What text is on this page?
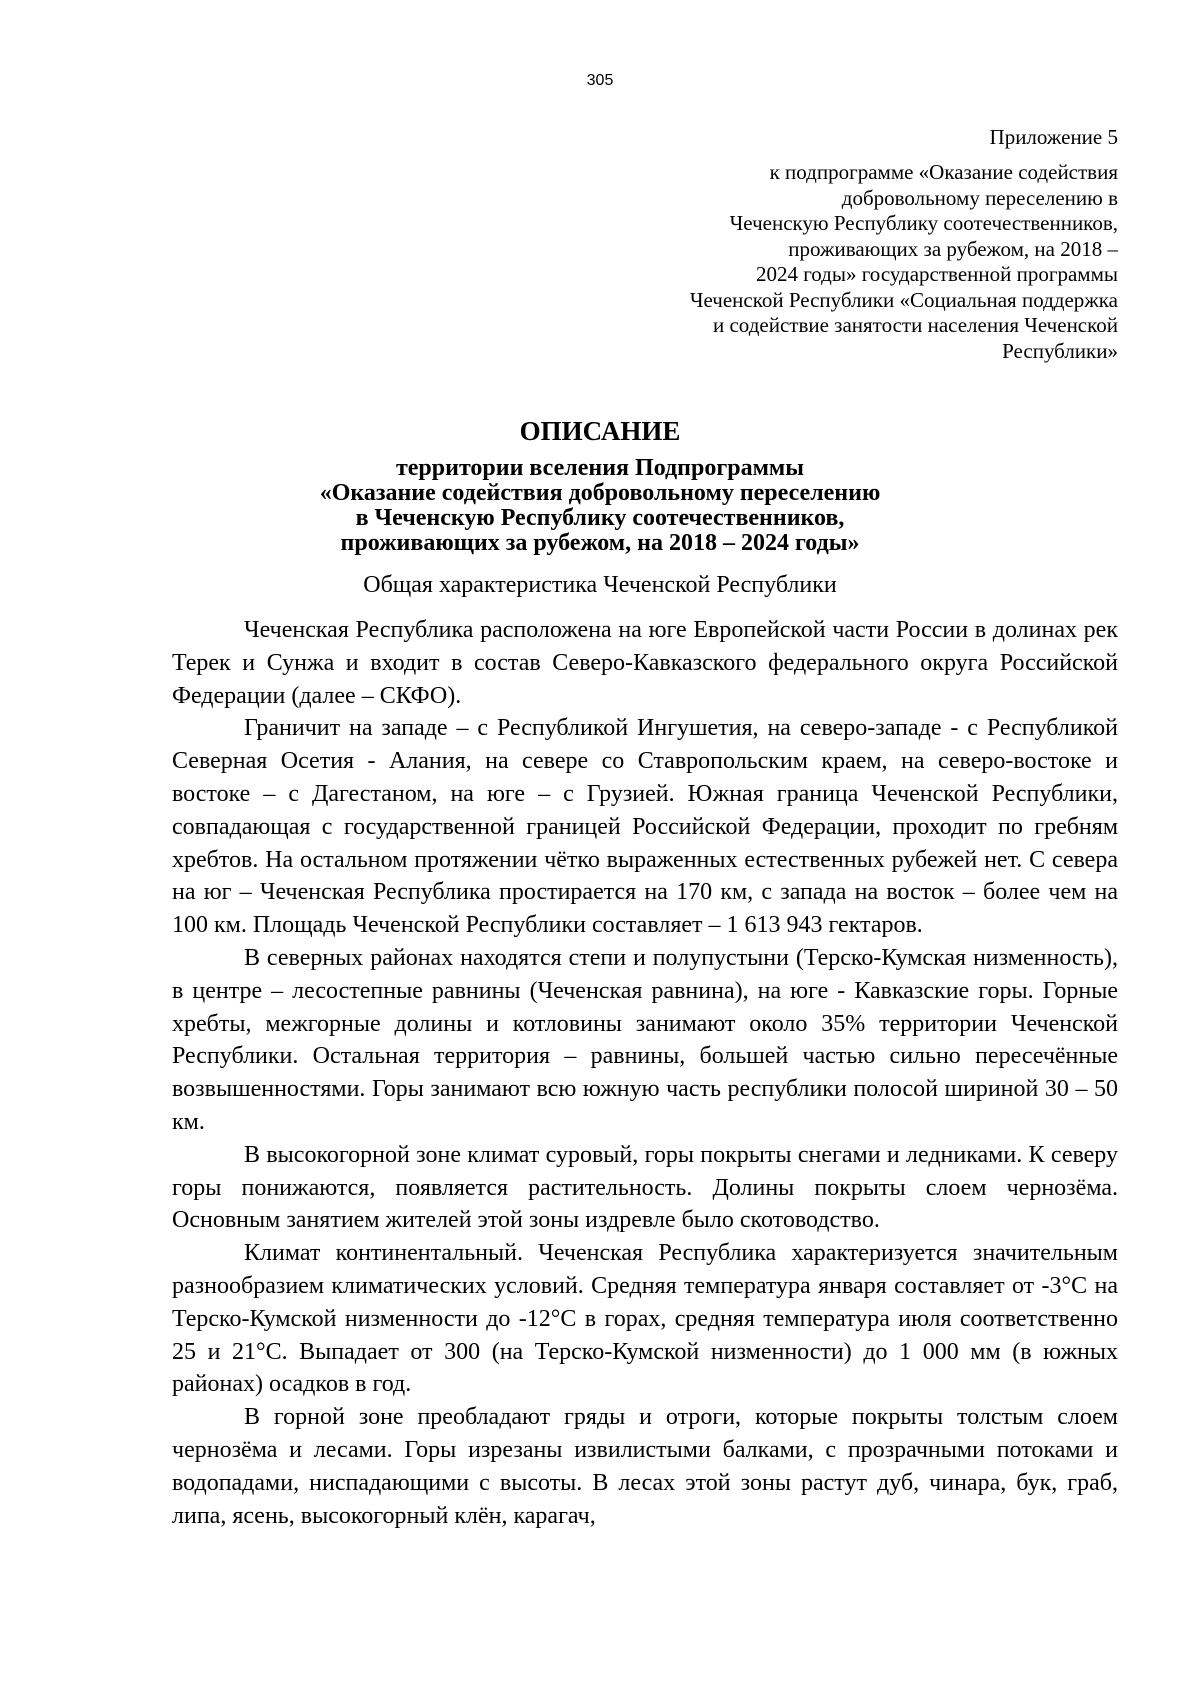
305
Приложение 5
к подпрограмме «Оказание содействия
добровольному переселению в
Чеченскую Республику соотечественников,
проживающих за рубежом, на 2018 –
2024 годы» государственной программы
Чеченской Республики «Социальная поддержка
и содействие занятости населения Чеченской
Республики»
ОПИСАНИЕ
территории вселения Подпрограммы
«Оказание содействия добровольному переселению
в Чеченскую Республику соотечественников,
проживающих за рубежом, на 2018 – 2024 годы»
Общая характеристика Чеченской Республики

Чеченская Республика расположена на юге Европейской части России в долинах рек Терек и Сунжа и входит в состав Северо-Кавказского федерального округа Российской Федерации (далее – СКФО).

Граничит на западе – с Республикой Ингушетия, на северо-западе - с Республикой Северная Осетия - Алания, на севере со Ставропольским краем, на северо-востоке и востоке – с Дагестаном, на юге – с Грузией. Южная граница Чеченской Республики, совпадающая с государственной границей Российской Федерации, проходит по гребням хребтов. На остальном протяжении чётко выраженных естественных рубежей нет. С севера на юг – Чеченская Республика простирается на 170 км, с запада на восток – более чем на 100 км. Площадь Чеченской Республики составляет – 1 613 943 гектаров.

В северных районах находятся степи и полупустыни (Терско-Кумская низменность), в центре – лесостепные равнины (Чеченская равнина), на юге - Кавказские горы. Горные хребты, межгорные долины и котловины занимают около 35% территории Чеченской Республики. Остальная территория – равнины, большей частью сильно пересечённые возвышенностями. Горы занимают всю южную часть республики полосой шириной 30 – 50 км.

В высокогорной зоне климат суровый, горы покрыты снегами и ледниками. К северу горы понижаются, появляется растительность. Долины покрыты слоем чернозёма. Основным занятием жителей этой зоны издревле было скотоводство.

Климат континентальный. Чеченская Республика характеризуется значительным разнообразием климатических условий. Средняя температура января составляет от -3°C на Терско-Кумской низменности до -12°C в горах, средняя температура июля соответственно 25 и 21°C. Выпадает от 300 (на Терско-Кумской низменности) до 1 000 мм (в южных районах) осадков в год.

В горной зоне преобладают гряды и отроги, которые покрыты толстым слоем чернозёма и лесами. Горы изрезаны извилистыми балками, с прозрачными потоками и водопадами, ниспадающими с высоты. В лесах этой зоны растут дуб, чинара, бук, граб, липа, ясень, высокогорный клён, карагач,
